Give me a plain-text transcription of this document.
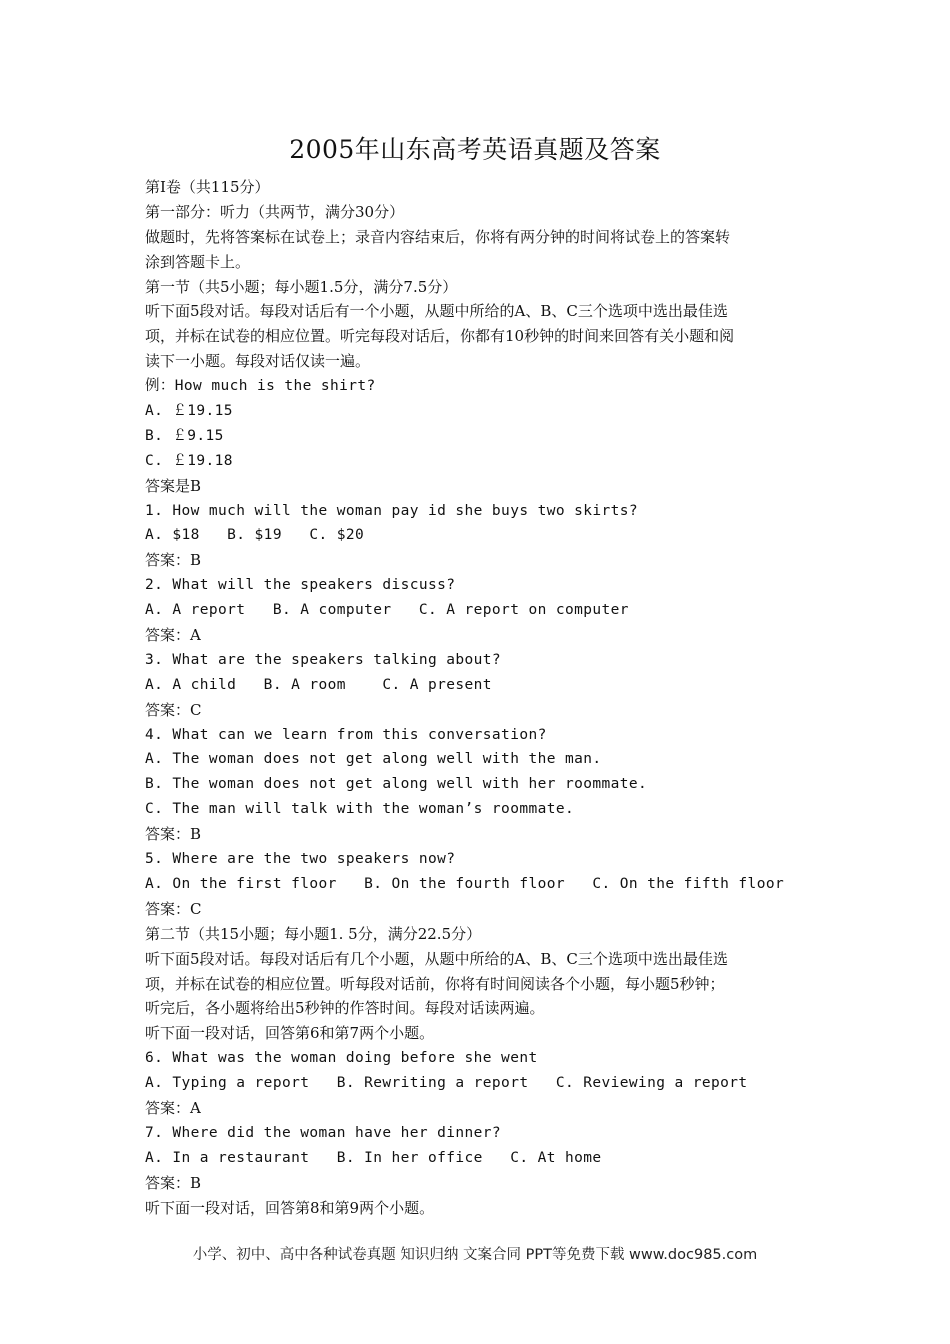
2005年山东高考英语真题及答案
第Ⅰ卷（共115分）
第一部分：听力（共两节，满分30分）
做题时，先将答案标在试卷上；录音内容结束后，你将有两分钟的时间将试卷上的答案转
涂到答题卡上。
第一节（共5小题；每小题1.5分，满分7.5分）
听下面5段对话。每段对话后有一个小题，从题中所给的A、B、C三个选项中选出最佳选
项，并标在试卷的相应位置。听完每段对话后，你都有10秒钟的时间来回答有关小题和阅
读下一小题。每段对话仅读一遍。
例：How much is the shirt?
A. ￡19.15
B. ￡9.15
C. ￡19.18
答案是B
1. How much will the woman pay id she buys two skirts?
A. $18   B. $19   C. $20
答案：B
2. What will the speakers discuss?
A. A report   B. A computer   C. A report on computer
答案：A
3. What are the speakers talking about?
A. A child   B. A room    C. A present
答案：C
4. What can we learn from this conversation?
A. The woman does not get along well with the man.
B. The woman does not get along well with her roommate.
C. The man will talk with the woman’s roommate.
答案：B
5. Where are the two speakers now?
A. On the first floor   B. On the fourth floor   C. On the fifth floor
答案：C
第二节（共15小题；每小题1. 5分，满分22.5分）
听下面5段对话。每段对话后有几个小题，从题中所给的A、B、C三个选项中选出最佳选
项，并标在试卷的相应位置。听每段对话前，你将有时间阅读各个小题，每小题5秒钟；
听完后，各小题将给出5秒钟的作答时间。每段对话读两遍。
听下面一段对话，回答第6和第7两个小题。
6. What was the woman doing before she went
A. Typing a report   B. Rewriting a report   C. Reviewing a report
答案：A
7. Where did the woman have her dinner?
A. In a restaurant   B. In her office   C. At home
答案：B
听下面一段对话，回答第8和第9两个小题。
小学、初中、高中各种试卷真题 知识归纳 文案合同 PPT等免费下载 www.doc985.com
